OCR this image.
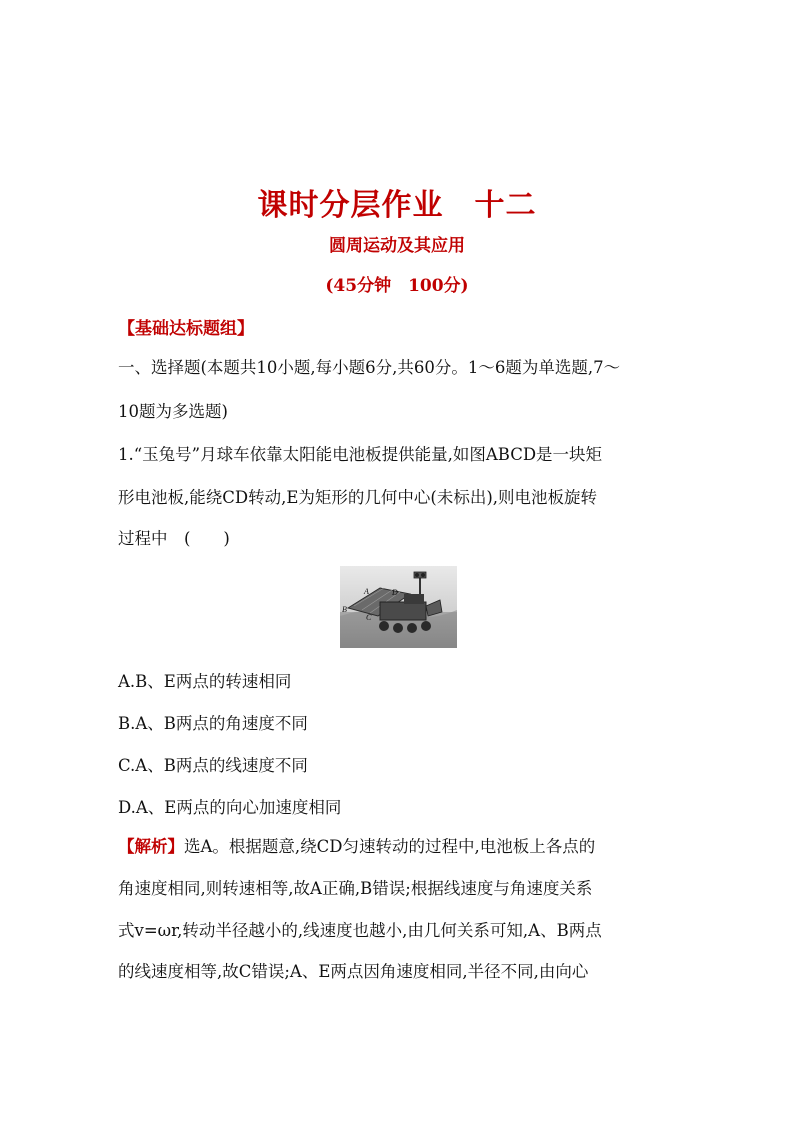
课时分层作业　十二
圆周运动及其应用
(45分钟　100分)
【基础达标题组】
一、选择题(本题共10小题,每小题6分,共60分。1～6题为单选题,7～
10题为多选题)
1.“玉兔号”月球车依靠太阳能电池板提供能量,如图ABCD是一块矩
形电池板,能绕CD转动,E为矩形的几何中心(未标出),则电池板旋转
过程中　(　　)
A
B
C
D
A.B、E两点的转速相同
B.A、B两点的角速度不同
C.A、B两点的线速度不同
D.A、E两点的向心加速度相同
【解析】选A。根据题意,绕CD匀速转动的过程中,电池板上各点的
角速度相同,则转速相等,故A正确,B错误;根据线速度与角速度关系
式v=ωr,转动半径越小的,线速度也越小,由几何关系可知,A、B两点
的线速度相等,故C错误;A、E两点因角速度相同,半径不同,由向心
